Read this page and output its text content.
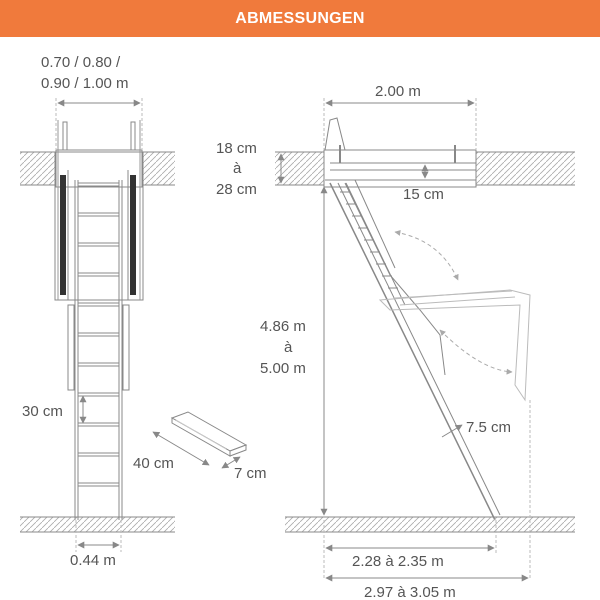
ABMESSUNGEN
0.70 / 0.80 /
0.90 / 1.00 m
30 cm
0.44 m
40 cm
7 cm
2.00 m
18 cm
à
28 cm	15 cm
4.86 m
à
5.00 m
7.5 cm
2.28 à 2.35 m
2.97 à 3.05 m
